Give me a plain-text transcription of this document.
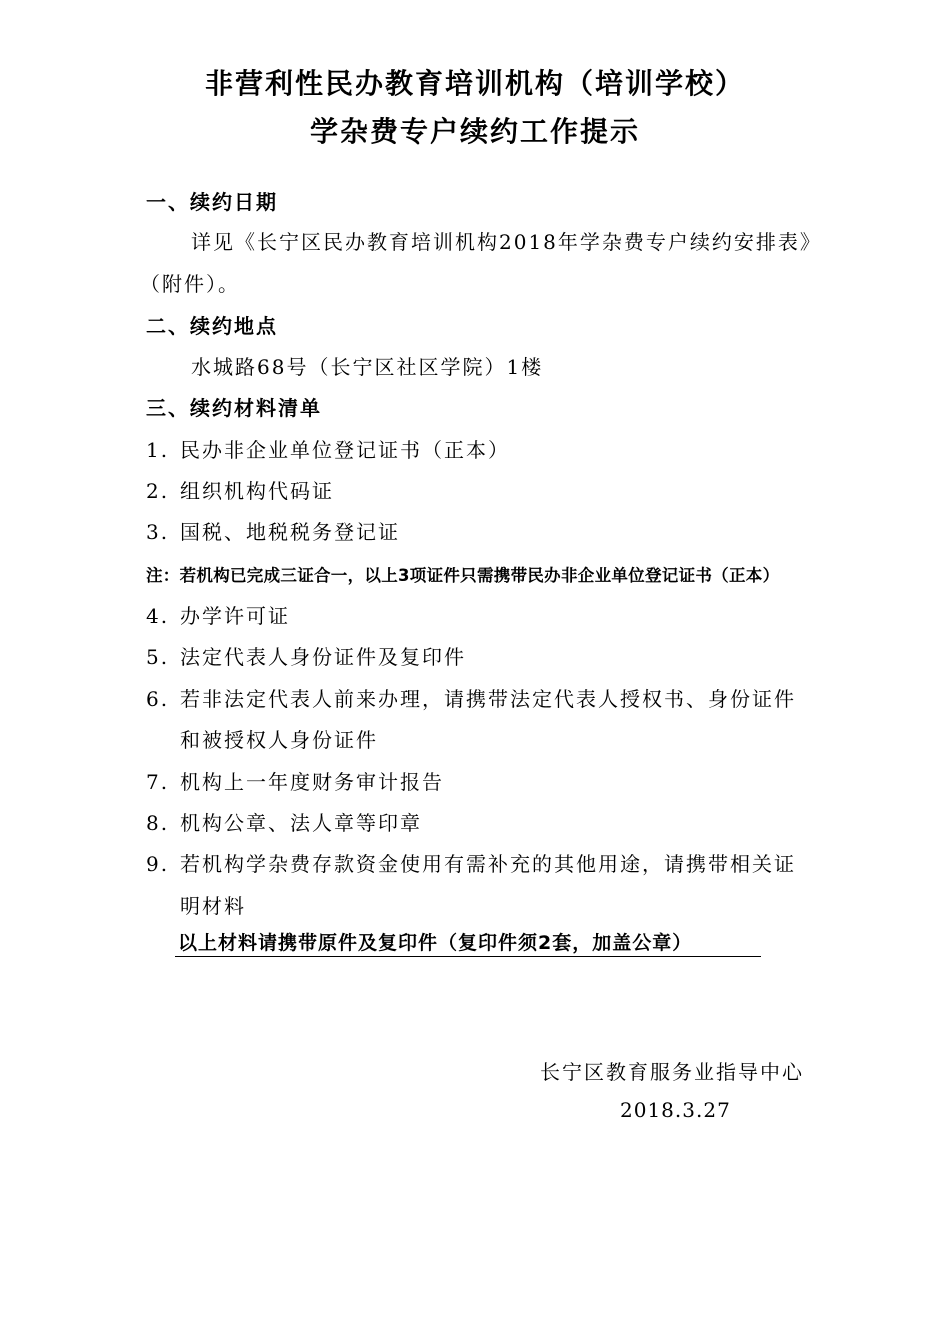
非营利性民办教育培训机构（培训学校）
学杂费专户续约工作提示
一、续约日期
详见《长宁区民办教育培训机构2018年学杂费专户续约安排表》
（附件）。
二、续约地点
水城路68号（长宁区社区学院）1楼
三、续约材料清单
1. 民办非企业单位登记证书（正本）
2. 组织机构代码证
3. 国税、地税税务登记证
注：若机构已完成三证合一，以上3项证件只需携带民办非企业单位登记证书（正本）
4. 办学许可证
5. 法定代表人身份证件及复印件
6. 若非法定代表人前来办理，请携带法定代表人授权书、身份证件
和被授权人身份证件
7. 机构上一年度财务审计报告
8. 机构公章、法人章等印章
9. 若机构学杂费存款资金使用有需补充的其他用途，请携带相关证
明材料
以上材料请携带原件及复印件（复印件须2套，加盖公章）
长宁区教育服务业指导中心
2018.3.27
